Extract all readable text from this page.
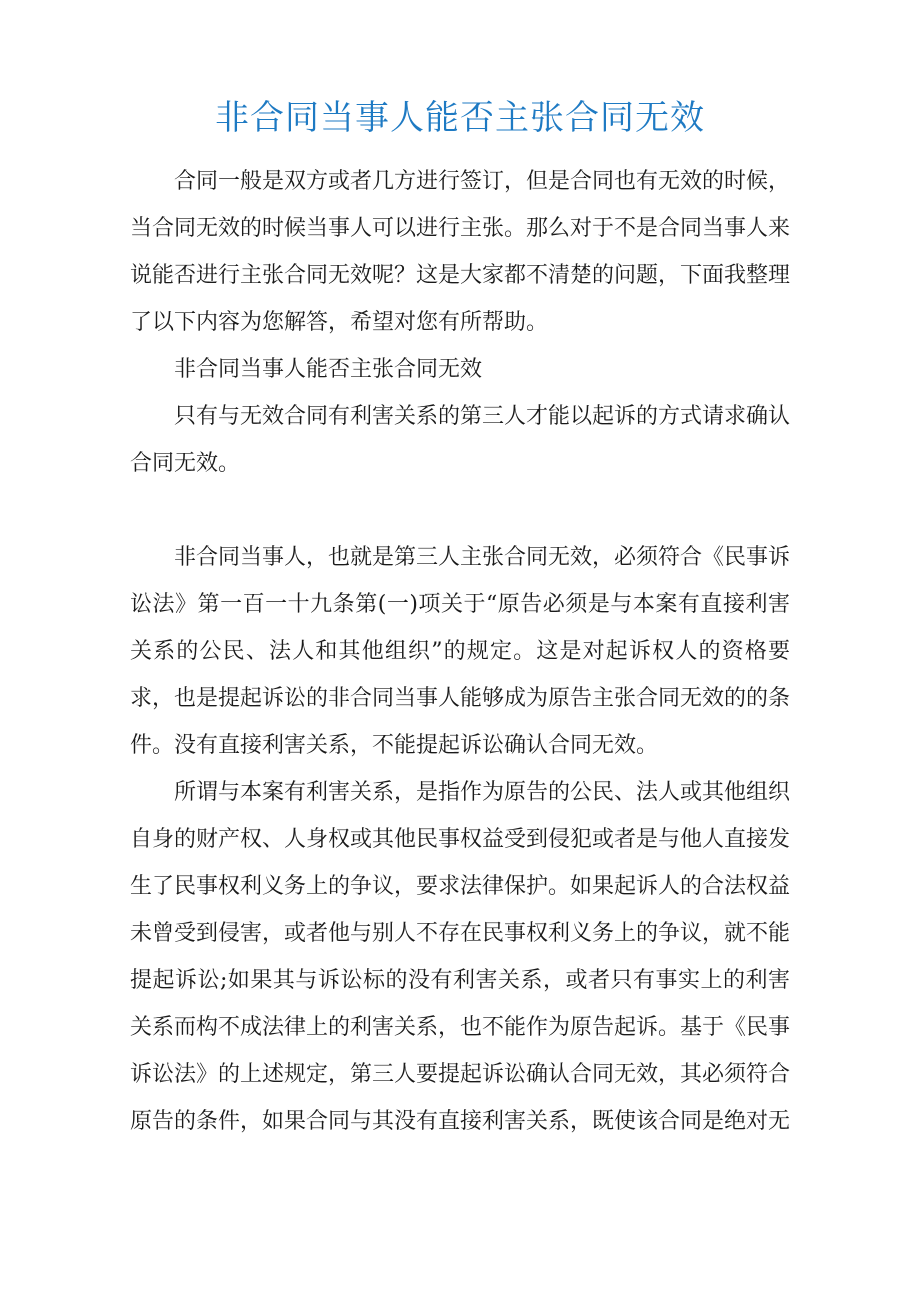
非合同当事人能否主张合同无效

合同一般是双方或者几方进行签订，但是合同也有无效的时候，当合同无效的时候当事人可以进行主张。那么对于不是合同当事人来说能否进行主张合同无效呢？这是大家都不清楚的问题，下面我整理了以下内容为您解答，希望对您有所帮助。

非合同当事人能否主张合同无效

只有与无效合同有利害关系的第三人才能以起诉的方式请求确认合同无效。

非合同当事人，也就是第三人主张合同无效，必须符合《民事诉讼法》第一百一十九条第(一)项关于“原告必须是与本案有直接利害关系的公民、法人和其他组织”的规定。这是对起诉权人的资格要求，也是提起诉讼的非合同当事人能够成为原告主张合同无效的的条件。没有直接利害关系，不能提起诉讼确认合同无效。

所谓与本案有利害关系，是指作为原告的公民、法人或其他组织自身的财产权、人身权或其他民事权益受到侵犯或者是与他人直接发生了民事权利义务上的争议，要求法律保护。如果起诉人的合法权益未曾受到侵害，或者他与别人不存在民事权利义务上的争议，就不能提起诉讼;如果其与诉讼标的没有利害关系，或者只有事实上的利害关系而构不成法律上的利害关系，也不能作为原告起诉。基于《民事诉讼法》的上述规定，第三人要提起诉讼确认合同无效，其必须符合原告的条件，如果合同与其没有直接利害关系，既使该合同是绝对无
